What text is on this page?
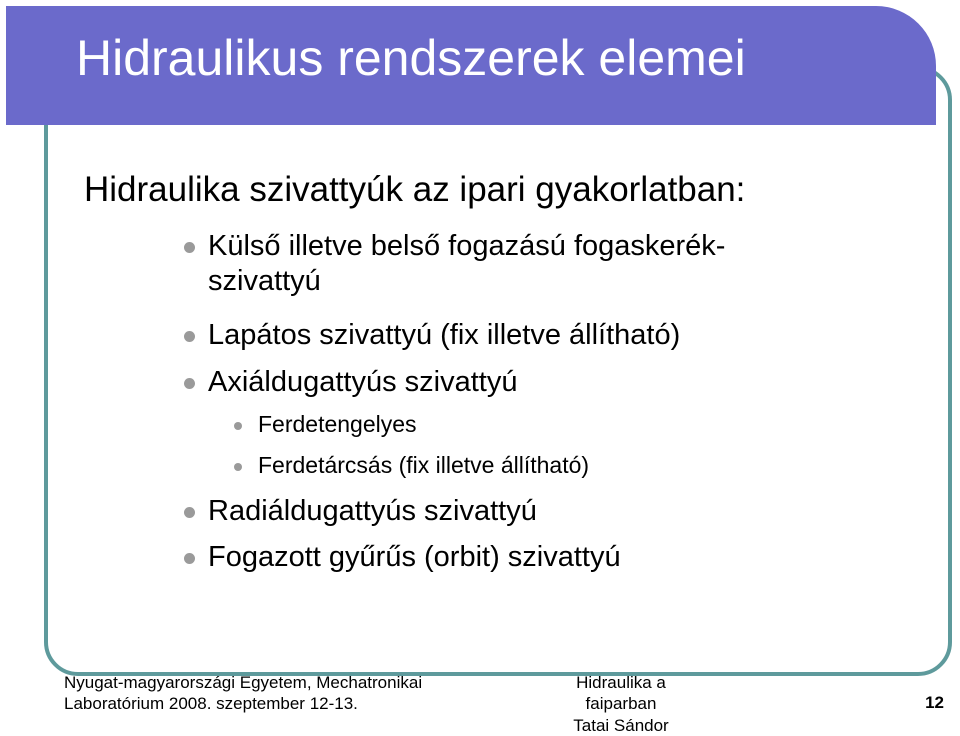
Hidraulikus rendszerek elemei

Hidraulika szivattyúk az ipari gyakorlatban:

Külső illetve belső fogazású fogaskerék-
szivattyú
Lapátos szivattyú (fix illetve állítható)
Axiáldugattyús szivattyú
Ferdetengelyes
Ferdetárcsás (fix illetve állítható)
Radiáldugattyús szivattyú
Fogazott gyűrűs (orbit) szivattyú
Nyugat-magyarországi Egyetem, Mechatronikai
Laboratórium 2008. szeptember 12-13.
Hidraulika a faiparban
Tatai Sándor
12
